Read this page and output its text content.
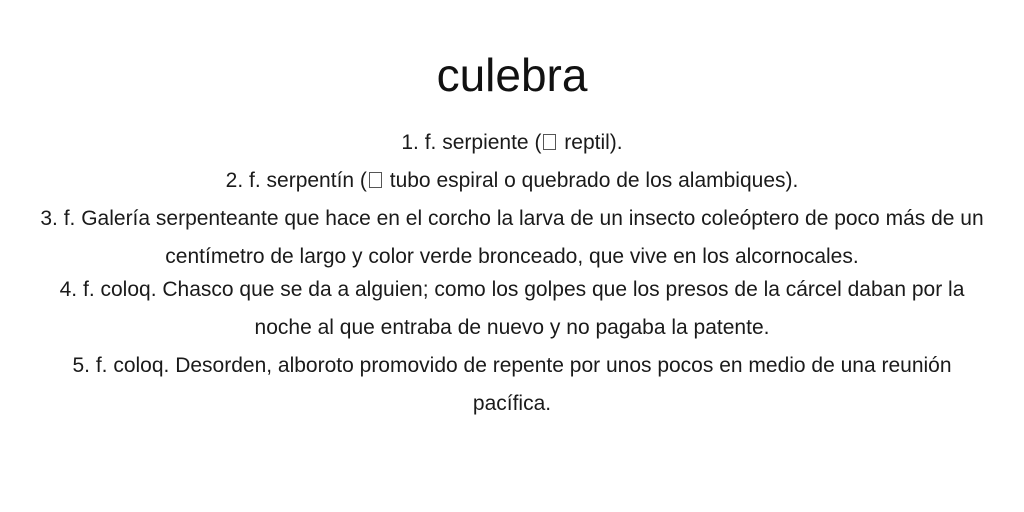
culebra

1. f. serpiente ( reptil).

2. f. serpentín ( tubo espiral o quebrado de los alambiques).

3. f. Galería serpenteante que hace en el corcho la larva de un insecto coleóptero de poco más de un centímetro de largo y color verde bronceado, que vive en los alcornocales.

4. f. coloq. Chasco que se da a alguien; como los golpes que los presos de la cárcel daban por la noche al que entraba de nuevo y no pagaba la patente.

5. f. coloq. Desorden, alboroto promovido de repente por unos pocos en medio de una reunión pacífica.
